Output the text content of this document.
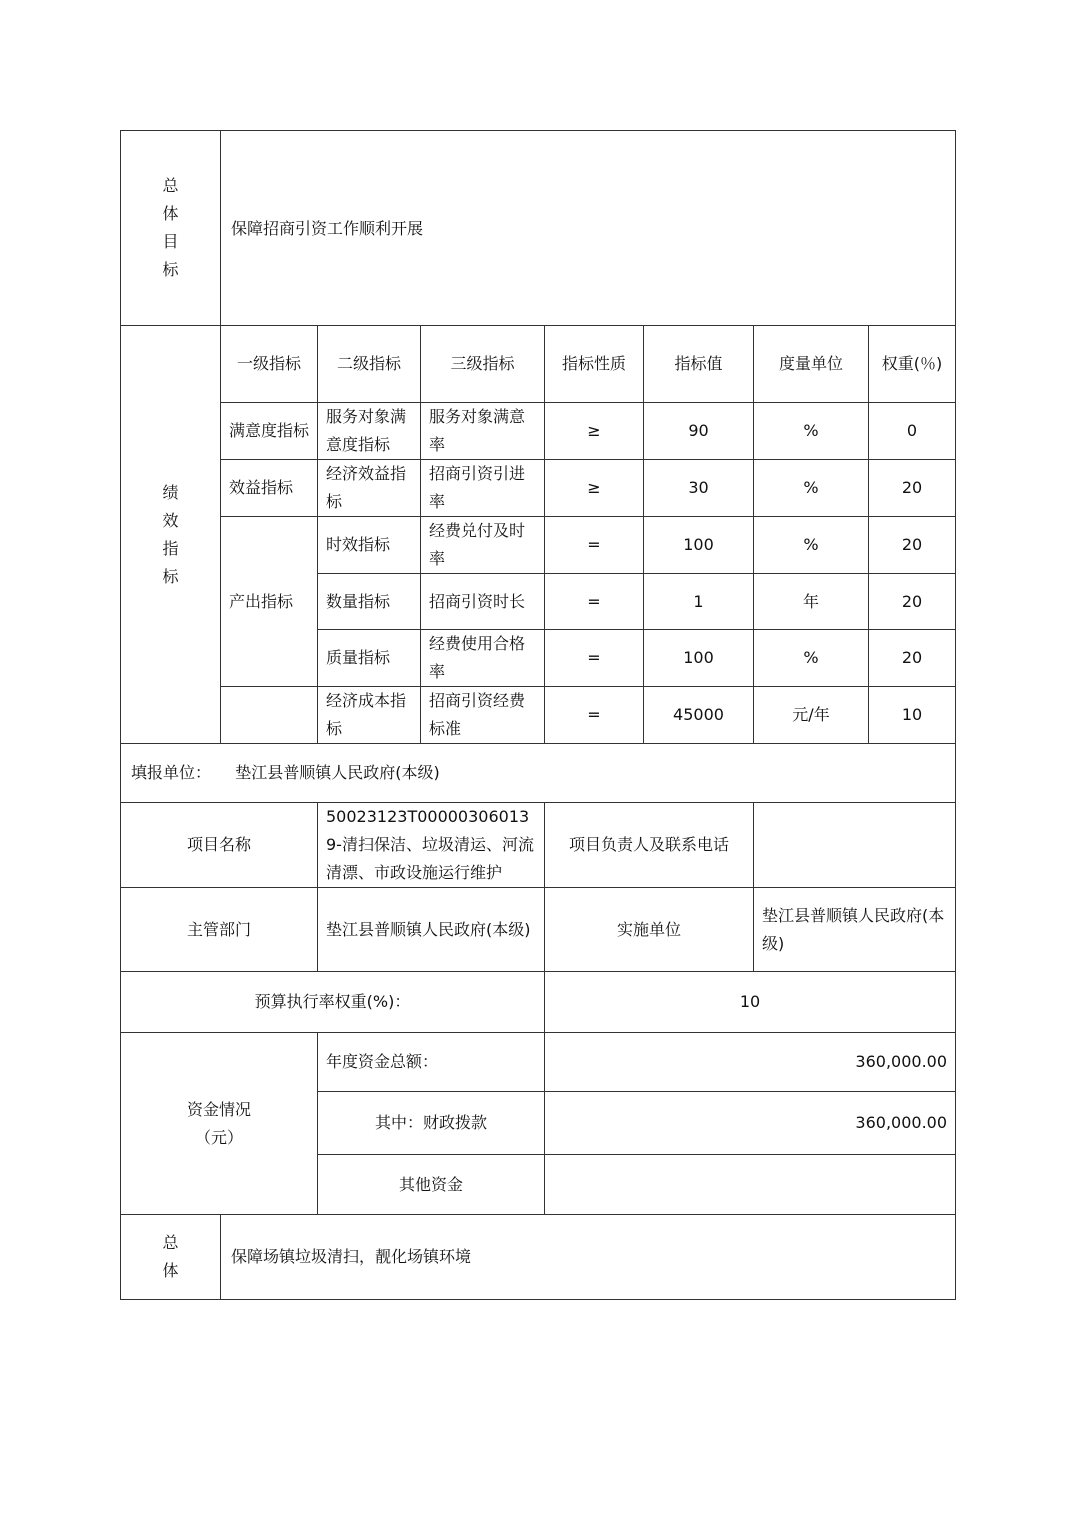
总
体
目
标	保障招商引资工作顺利开展						

绩
效
指
标	一级指标	二级指标	三级指标	指标性质	指标值	度量单位	权重(％)
	满意度指标	服务对象满意度指标	服务对象满意率	≥	90	%	0
	效益指标	经济效益指标	招商引资引进率	≥	30	%	20
	产出指标	时效指标	经费兑付及时率	=	100	%	20
		数量指标	招商引资时长	=	1	年	20
		质量指标	经费使用合格率	=	100	%	20
		经济成本指标	招商引资经费标准	=	45000	元/年	10
填报单位： 垫江县普顺镇人民政府(本级)							
项目名称		50023123T000003060139-清扫保洁、垃圾清运、河流清漂、市政设施运行维护		项目负责人及联系电话			
主管部门		垫江县普顺镇人民政府(本级)		实施单位		垫江县普顺镇人民政府(本级)	
预算执行率权重(%)：				10			
资金情况
（元）		年度资金总额：		360,000.00			
		其中：财政拨款		360,000.00			
		其他资金					

总
体	保障场镇垃圾清扫，靓化场镇环境						
